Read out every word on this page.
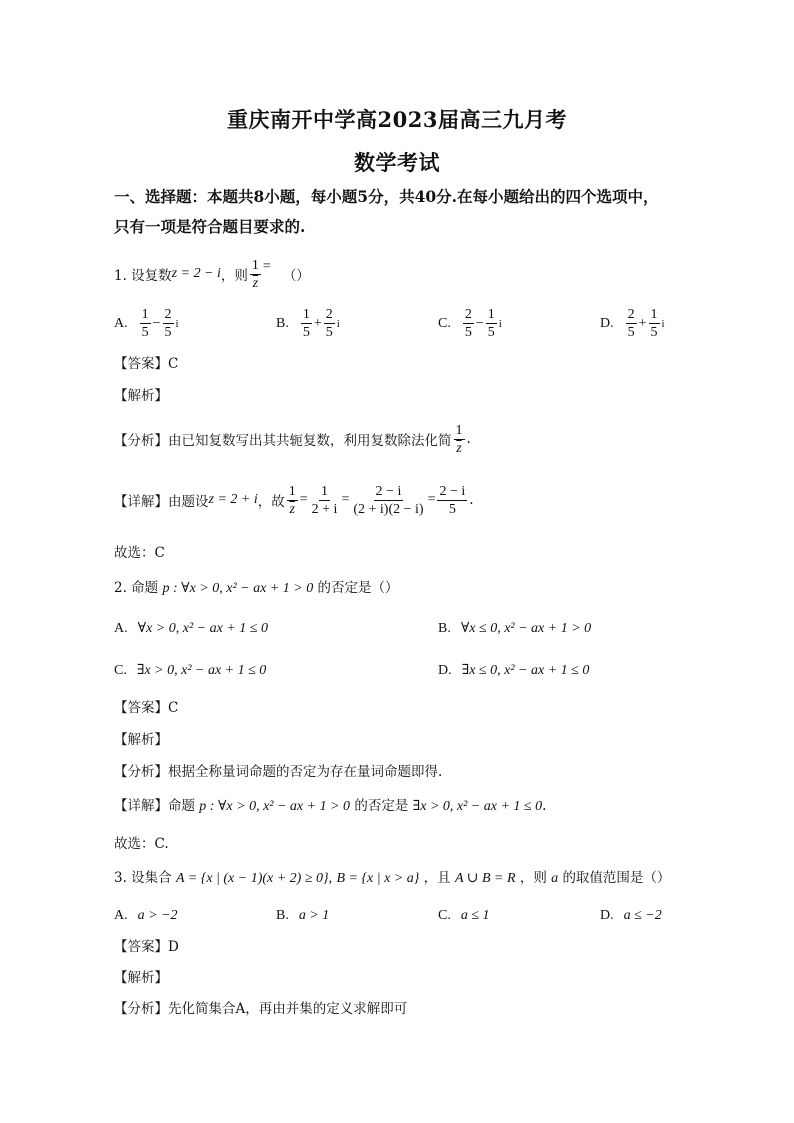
重庆南开中学高2023届高三九月考
数学考试
一、选择题：本题共8小题，每小题5分，共40分.在每小题给出的四个选项中，
只有一项是符合题目要求的.
1. 设复数 z = 2 − i ，则 $\frac{1}{z}$ =
（）
A. $\frac{1}{5} - \frac{2}{5}$ i	B. $\frac{1}{5} + \frac{2}{5}$ i	C. $\frac{2}{5} - \frac{1}{5}$ i	D. $\frac{2}{5} + \frac{1}{5}$ i
【答案】C
【解析】
【分析】 由已知复数写出其共轭复数，利用复数除法化简 $\frac{1}{z}$ .
【详解】 由题设 z = 2 + i ，故 $\frac{1}{z} = \frac{1}{2 + i} = \frac{2 - i}{(2 + i)(2 - i)} = \frac{2 - i}{5}$ .
故选：C
2. 命题 p : ∀x > 0, x² − ax + 1 > 0 的否定是（）
A. ∀x > 0, x² − ax + 1 ≤ 0	B. ∀x ≤ 0, x² − ax + 1 > 0
C. ∃x > 0, x² − ax + 1 ≤ 0	D. ∃x ≤ 0, x² − ax + 1 ≤ 0
【答案】C
【解析】
【分析】根据全称量词命题的否定为存在量词命题即得.
【详解】命题 p : ∀x > 0, x² − ax + 1 > 0 的否定是 ∃x > 0, x² − ax + 1 ≤ 0.
故选：C.
3. 设集合 A = {x | (x − 1)(x + 2) ≥ 0}, B = {x | x > a} ，且 A ∪ B = R ，则 a 的取值范围是（）
A. a > −2	B. a > 1	C. a ≤ 1	D. a ≤ −2
【答案】D
【解析】
【分析】先化简集合A，再由并集的定义求解即可
